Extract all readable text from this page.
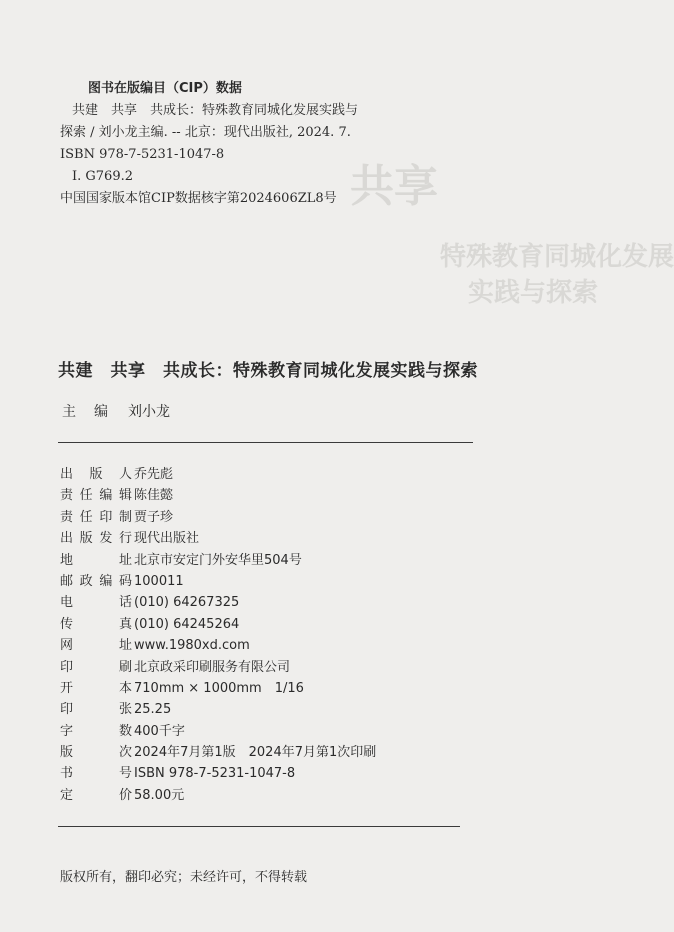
共享
特殊教育同城化发展
实践与探索
图书在版编目（CIP）数据
共建　共享　共成长：特殊教育同城化发展实践与
探索 / 刘小龙主编. -- 北京：现代出版社, 2024. 7.
ISBN 978-7-5231-1047-8
Ⅰ. G769.2
中国国家版本馆CIP数据核字第2024606ZL8号
共建　共享　共成长：特殊教育同城化发展实践与探索
主编 刘小龙
出版人 乔先彪
责任编辑 陈佳懿
责任印制 贾子珍
出版发行 现代出版社
地址 北京市安定门外安华里504号
邮政编码 100011
电话 (010) 64267325
传真 (010) 64245264
网址 www.1980xd.com
印刷 北京政采印刷服务有限公司
开本 710mm × 1000mm　1/16
印张 25.25
字数 400千字
版次 2024年7月第1版　2024年7月第1次印刷
书号 ISBN 978-7-5231-1047-8
定价 58.00元
版权所有，翻印必究；未经许可，不得转载
